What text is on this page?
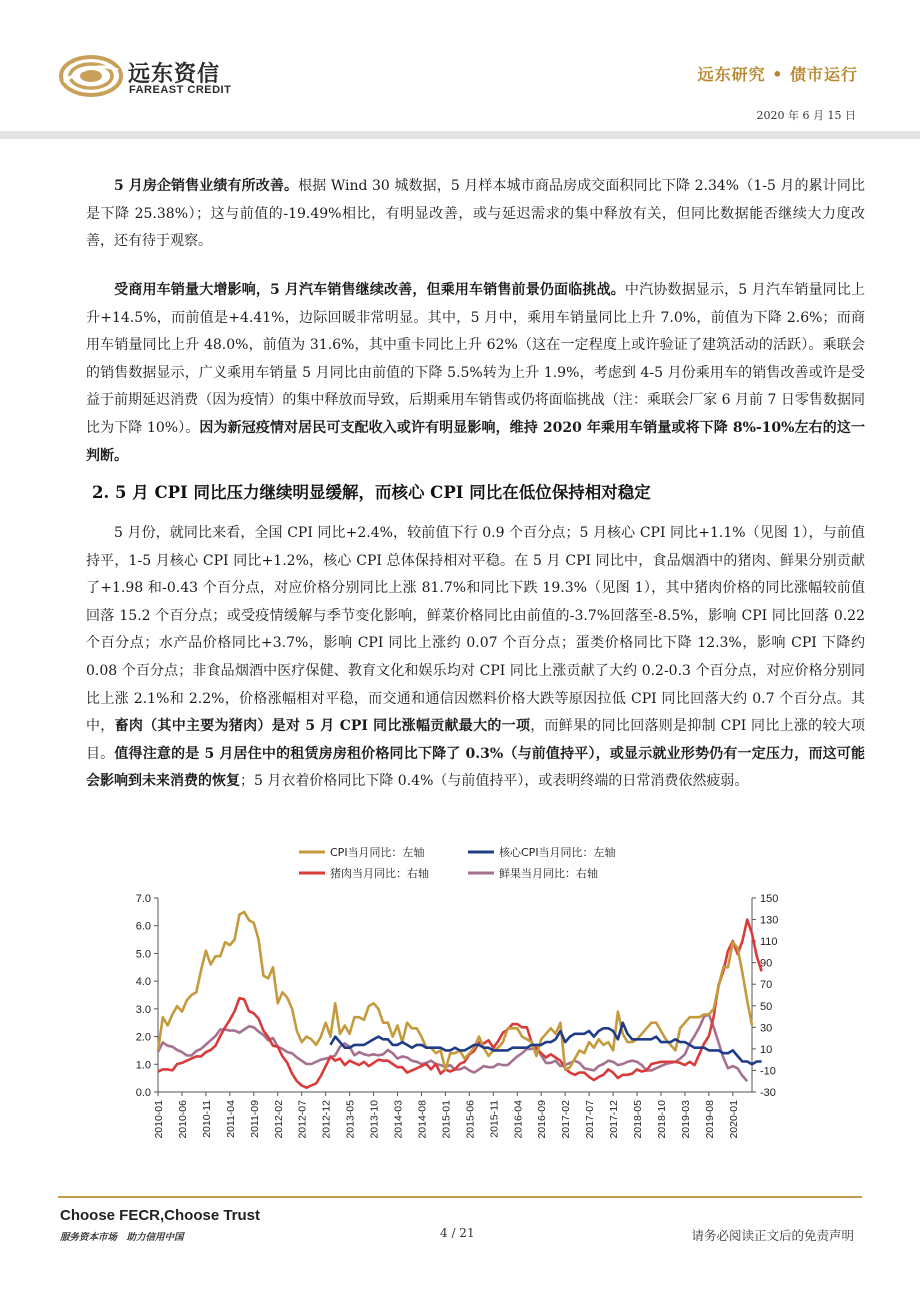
远东资信
FAREAST CREDIT
远东研究 • 债市运行
2020 年 6 月 15 日

5 月房企销售业绩有所改善。根据 Wind 30 城数据，5 月样本城市商品房成交面积同比下降 2.34%（1-5 月的累计同比是下降 25.38%）；这与前值的-19.49%相比，有明显改善，或与延迟需求的集中释放有关，但同比数据能否继续大力度改善，还有待于观察。

受商用车销量大增影响，5 月汽车销售继续改善，但乘用车销售前景仍面临挑战。中汽协数据显示，5 月汽车销量同比上升+14.5%，而前值是+4.41%，边际回暖非常明显。其中，5 月中，乘用车销量同比上升 7.0%，前值为下降 2.6%；而商用车销量同比上升 48.0%，前值为 31.6%，其中重卡同比上升 62%（这在一定程度上或许验证了建筑活动的活跃）。乘联会的销售数据显示，广义乘用车销量 5 月同比由前值的下降 5.5%转为上升 1.9%，考虑到 4-5 月份乘用车的销售改善或许是受益于前期延迟消费（因为疫情）的集中释放而导致，后期乘用车销售或仍将面临挑战（注：乘联会厂家 6 月前 7 日零售数据同比为下降 10%）。因为新冠疫情对居民可支配收入或许有明显影响，维持 2020 年乘用车销量或将下降 8%-10%左右的这一判断。

2. 5 月 CPI 同比压力继续明显缓解，而核心 CPI 同比在低位保持相对稳定

5 月份，就同比来看，全国 CPI 同比+2.4%，较前值下行 0.9 个百分点；5 月核心 CPI 同比+1.1%（见图 1），与前值持平，1-5 月核心 CPI 同比+1.2%，核心 CPI 总体保持相对平稳。在 5 月 CPI 同比中，食品烟酒中的猪肉、鲜果分别贡献了+1.98 和-0.43 个百分点，对应价格分别同比上涨 81.7%和同比下跌 19.3%（见图 1），其中猪肉价格的同比涨幅较前值回落 15.2 个百分点；或受疫情缓解与季节变化影响，鲜菜价格同比由前值的-3.7%回落至-8.5%，影响 CPI 同比回落 0.22 个百分点；水产品价格同比+3.7%，影响 CPI 同比上涨约 0.07 个百分点；蛋类价格同比下降 12.3%，影响 CPI 下降约 0.08 个百分点；非食品烟酒中医疗保健、教育文化和娱乐均对 CPI 同比上涨贡献了大约 0.2-0.3 个百分点，对应价格分别同比上涨 2.1%和 2.2%，价格涨幅相对平稳，而交通和通信因燃料价格大跌等原因拉低 CPI 同比回落大约 0.7 个百分点。其中，畜肉（其中主要为猪肉）是对 5 月 CPI 同比涨幅贡献最大的一项，而鲜果的同比回落则是抑制 CPI 同比上涨的较大项目。值得注意的是 5 月居住中的租赁房房租价格同比下降了 0.3%（与前值持平），或显示就业形势仍有一定压力，而这可能会影响到未来消费的恢复；5 月衣着价格同比下降 0.4%（与前值持平），或表明终端的日常消费依然疲弱。

0.0
1.0
2.0
3.0
4.0
5.0
6.0
7.0
-30
-10
10
30
50
70
90
110
130
150
2010-01 2010-06 2010-11 2011-04 2011-09 2012-02 2012-07 2012-12 2013-05 2013-10 2014-03 2014-08 2015-01 2015-06 2015-11 2016-04 2016-09 2017-02 2017-07 2017-12 2018-05 2018-10 2019-03 2019-08 2020-01
CPI当月同比：左轴	核心CPI当月同比：左轴
猪肉当月同比：右轴	鲜果当月同比：右轴
Choose FECR,Choose Trust
服务资本市场　助力信用中国	4 / 21	请务必阅读正文后的免责声明
